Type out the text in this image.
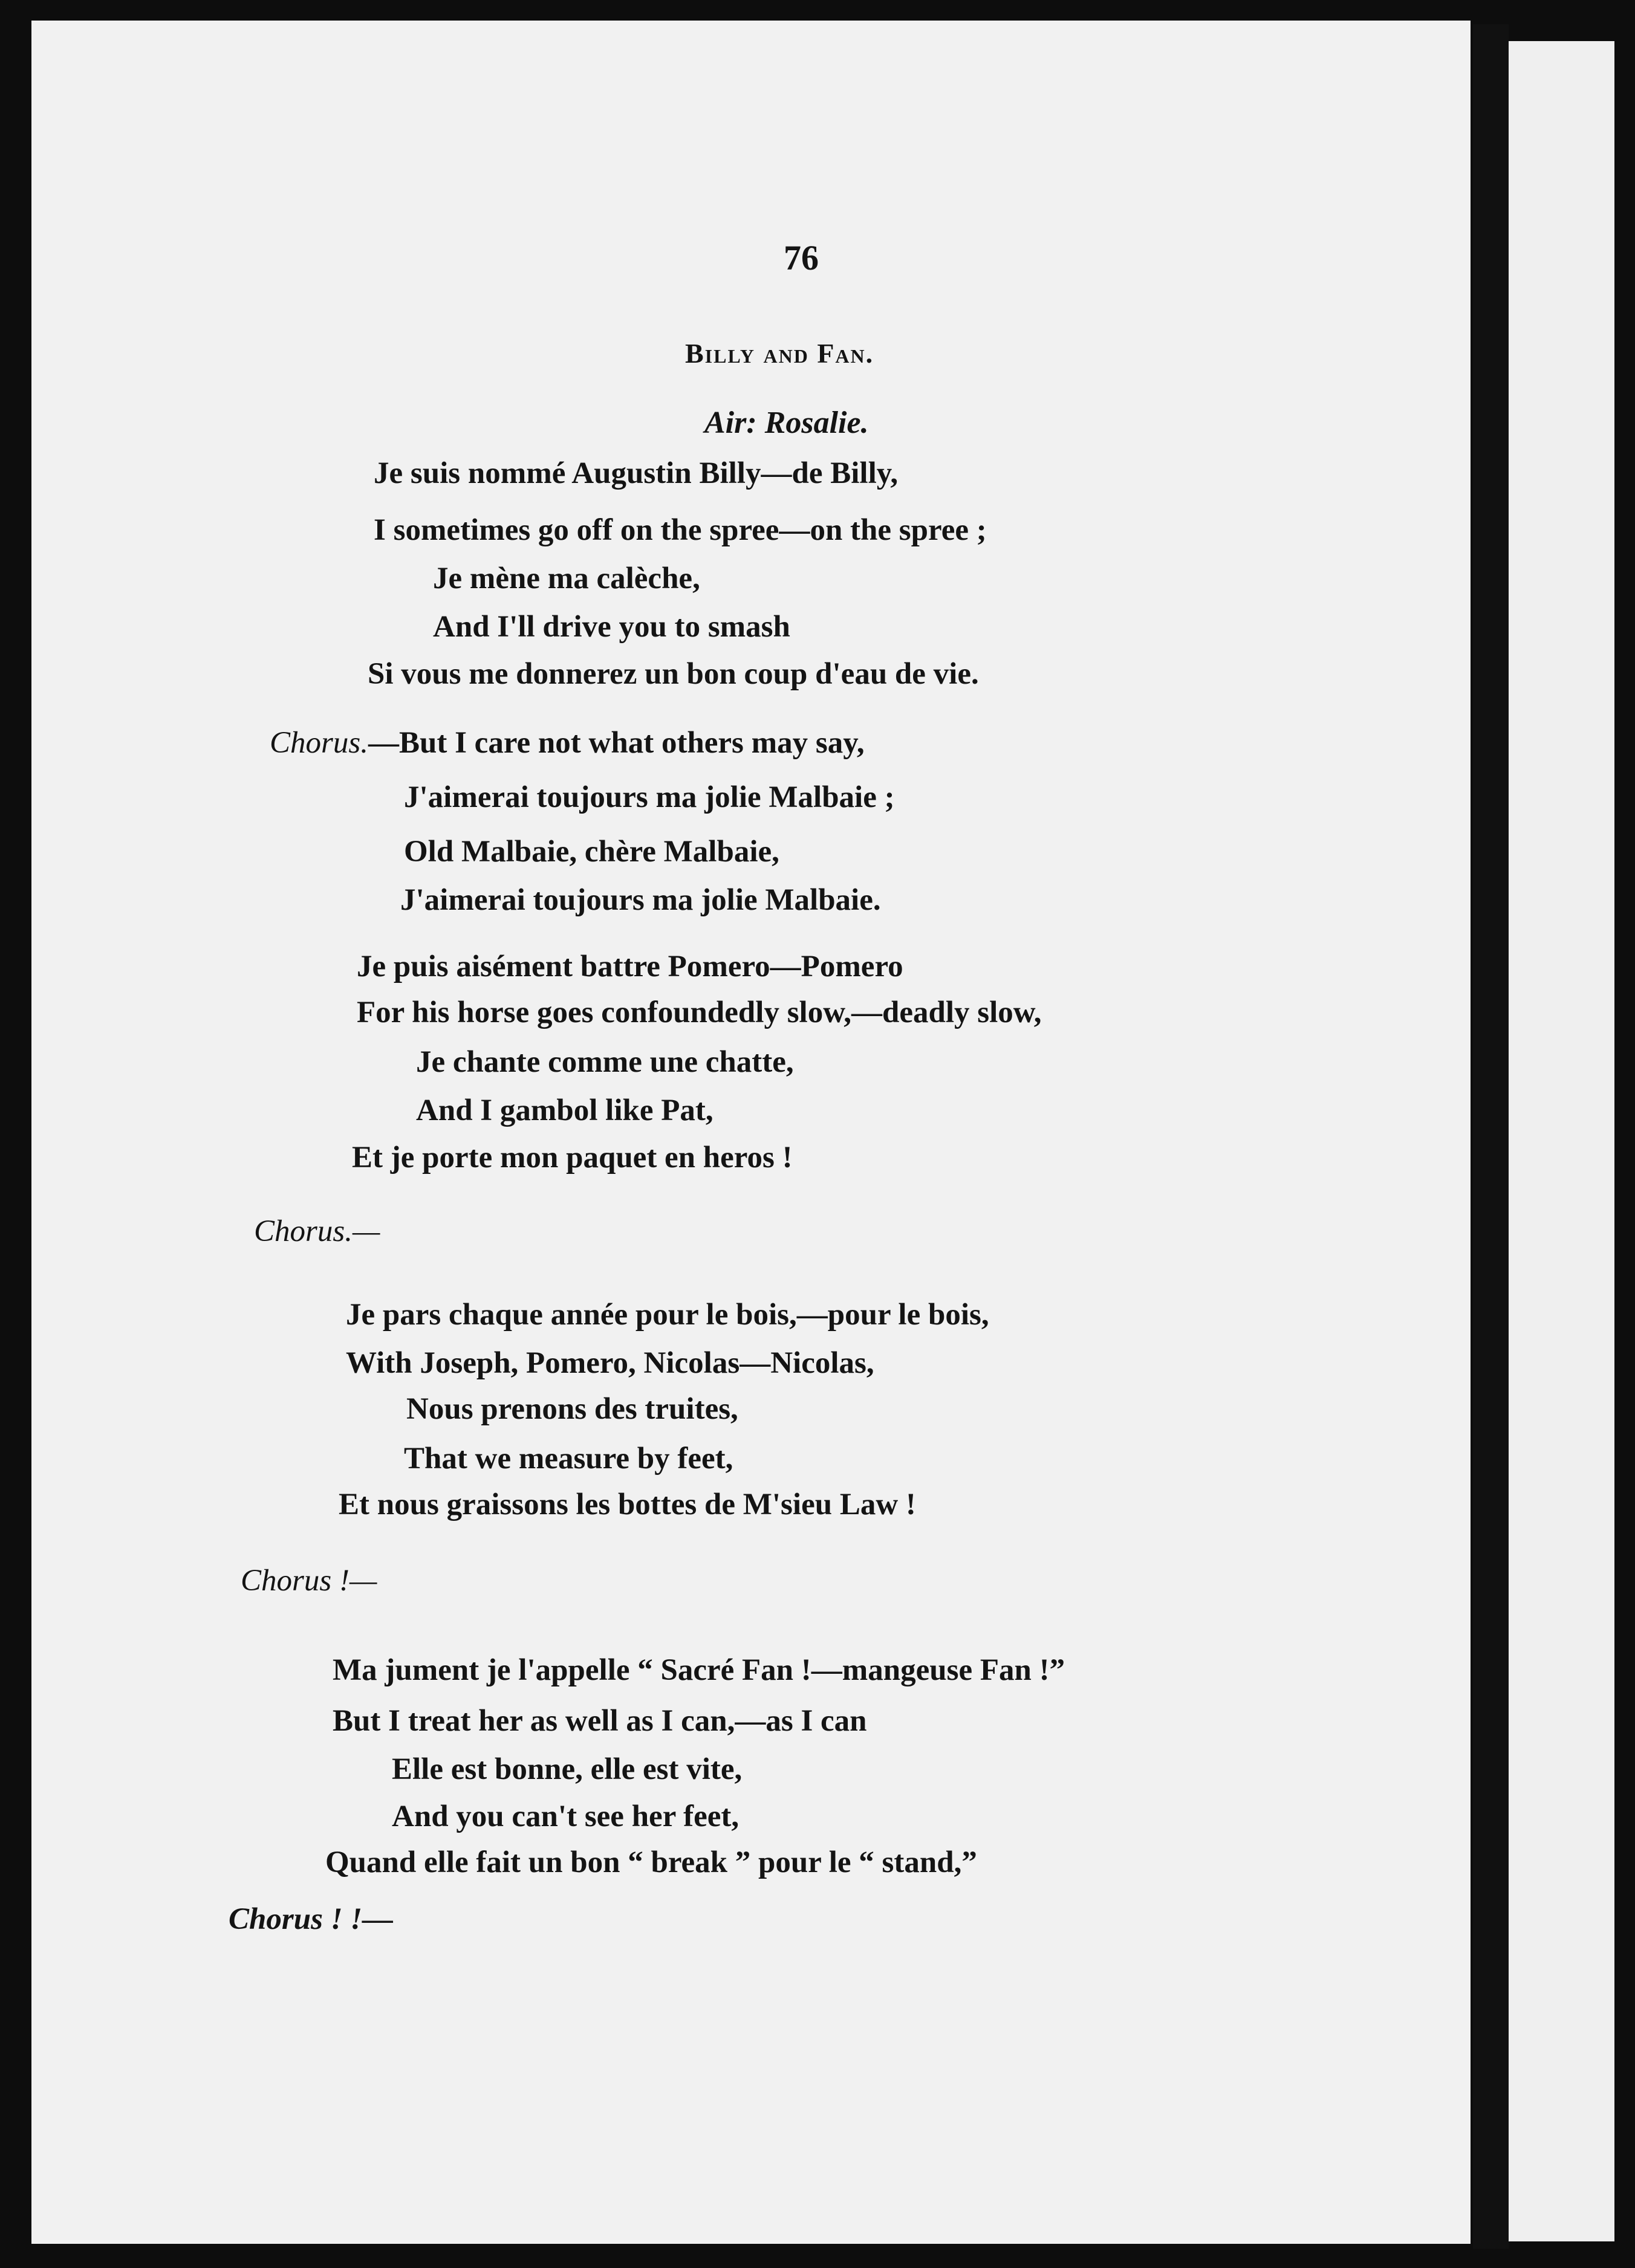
76
Billy and Fan.
Air: Rosalie.
Je suis nommé Augustin Billy—de Billy,
I sometimes go off on the spree—on the spree ;
Je mène ma calèche,
And I'll drive you to smash
Si vous me donnerez un bon coup d'eau de vie.
Chorus.—But I care not what others may say,
J'aimerai toujours ma jolie Malbaie ;
Old Malbaie, chère Malbaie,
J'aimerai toujours ma jolie Malbaie.
Je puis aisément battre Pomero—Pomero
For his horse goes confoundedly slow,—deadly slow,
Je chante comme une chatte,
And I gambol like Pat,
Et je porte mon paquet en heros !
Chorus.—
Je pars chaque année pour le bois,—pour le bois,
With Joseph, Pomero, Nicolas—Nicolas,
Nous prenons des truites,
That we measure by feet,
Et nous graissons les bottes de M'sieu Law !
Chorus !—
Ma jument je l'appelle “ Sacré Fan !—mangeuse Fan !”
But I treat her as well as I can,—as I can
Elle est bonne, elle est vite,
And you can't see her feet,
Quand elle fait un bon “ break ” pour le “ stand,”
Chorus ! !—
